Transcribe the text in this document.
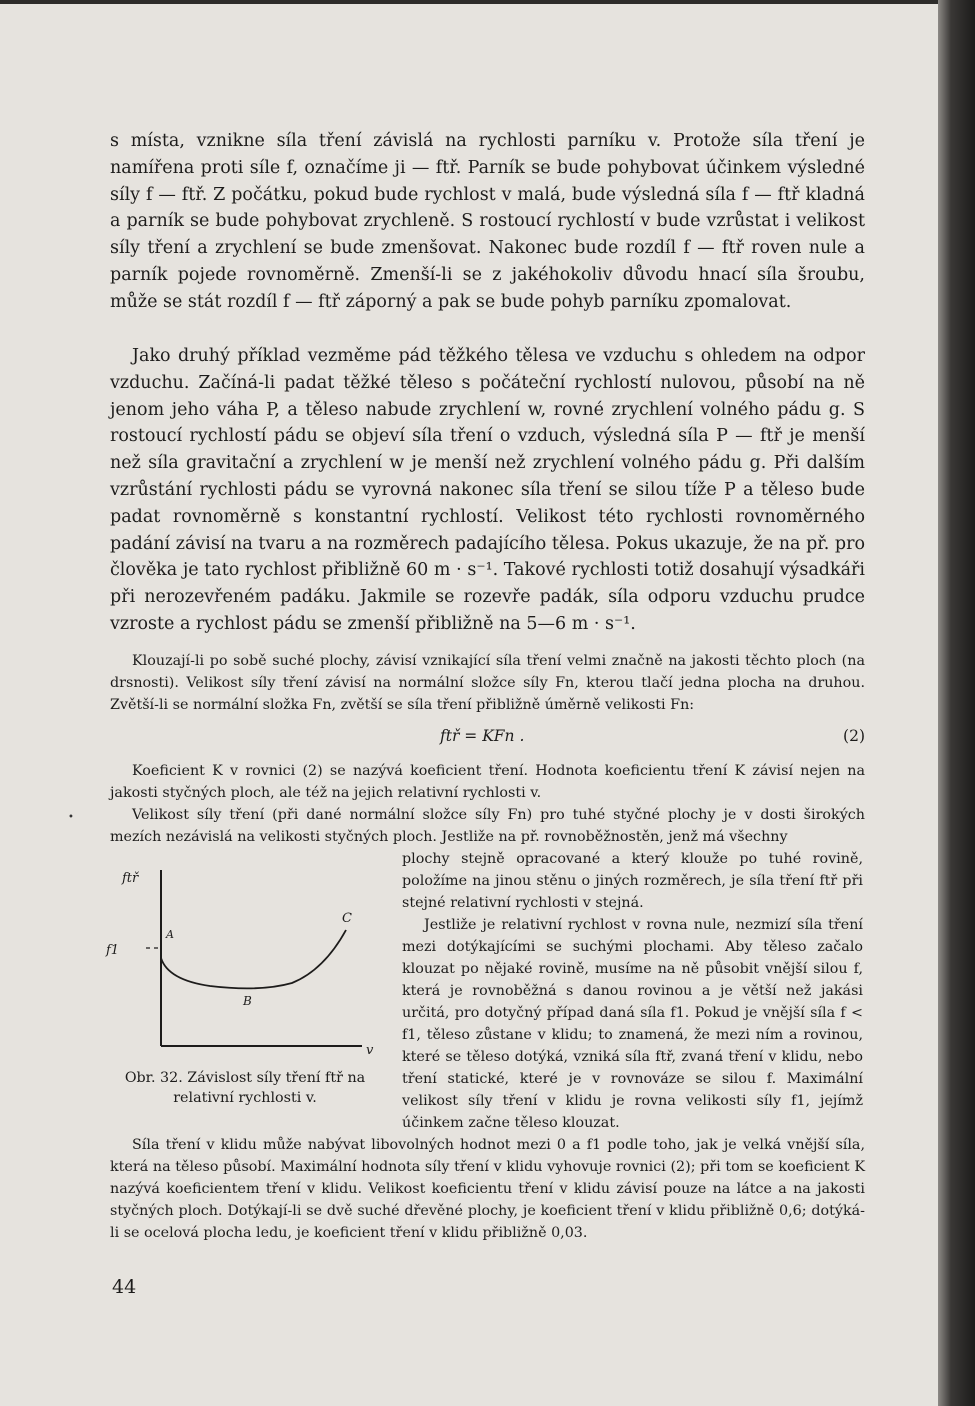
s místa, vznikne síla tření závislá na rychlosti parníku v. Protože síla tření je namířena proti síle f, označíme ji — ftř. Parník se bude pohybovat účinkem výsledné síly f — ftř. Z počátku, pokud bude rychlost v malá, bude výsledná síla f — ftř kladná a parník se bude pohybovat zrychleně. S rostoucí rychlostí v bude vzrůstat i velikost síly tření a zrychlení se bude zmenšovat. Nakonec bude rozdíl f — ftř roven nule a parník pojede rovnoměrně. Zmenší-li se z jakéhokoliv důvodu hnací síla šroubu, může se stát rozdíl f — ftř záporný a pak se bude pohyb parníku zpomalovat.

Jako druhý příklad vezměme pád těžkého tělesa ve vzduchu s ohledem na odpor vzduchu. Začíná-li padat těžké těleso s počáteční rychlostí nulovou, působí na ně jenom jeho váha P, a těleso nabude zrychlení w, rovné zrychlení volného pádu g. S rostoucí rychlostí pádu se objeví síla tření o vzduch, výsledná síla P — ftř je menší než síla gravitační a zrychlení w je menší než zrychlení volného pádu g. Při dalším vzrůstání rychlosti pádu se vyrovná nakonec síla tření se silou tíže P a těleso bude padat rovnoměrně s konstantní rychlostí. Velikost této rychlosti rovnoměrného padání závisí na tvaru a na rozměrech padajícího tělesa. Pokus ukazuje, že na př. pro člověka je tato rychlost přibližně 60 m · s⁻¹. Takové rychlosti totiž dosahují výsadkáři při nerozevřeném padáku. Jakmile se rozevře padák, síla odporu vzduchu prudce vzroste a rychlost pádu se zmenší přibližně na 5—6 m · s⁻¹.

Klouzají-li po sobě suché plochy, závisí vznikající síla tření velmi značně na jakosti těchto ploch (na drsnosti). Velikost síly tření závisí na normální složce síly Fn, kterou tlačí jedna plocha na druhou. Zvětší-li se normální složka Fn, zvětší se síla tření přibližně úměrně velikosti Fn:

ftř = KFn .	(2)

Koeficient K v rovnici (2) se nazývá koeficient tření. Hodnota koeficientu tření K závisí nejen na jakosti styčných ploch, ale též na jejich relativní rychlosti v.

•	Velikost síly tření (při dané normální složce síly Fn) pro tuhé styčné plochy je v dosti širokých mezích nezávislá na velikosti styčných ploch. Jestliže na př. rovnoběžnostěn, jenž má všechny

plochy stejně opracované a který klouže po tuhé rovině, položíme na jinou stěnu o jiných rozměrech, je síla tření ftř při stejné relativní rychlosti v stejná.

Jestliže je relativní rychlost v rovna nule, nezmizí síla tření mezi dotýkajícími se suchými plochami. Aby těleso začalo klouzat po nějaké rovině, musíme na ně působit vnější silou f, která je rovnoběžná s danou rovinou a je větší než jakási určitá, pro dotyčný případ daná síla f1. Pokud je vnější síla f < f1, těleso zůstane v klidu; to znamená, že mezi ním a rovinou, které se těleso dotýká, vzniká síla ftř, zvaná tření v klidu, nebo tření statické, které je v rovnováze se silou f. Maximální velikost síly tření v klidu je rovna velikosti síly f1, jejímž účinkem začne těleso klouzat.

ftř
f1
A
B
C
v

Obr. 32. Závislost síly tření ftř na relativní rychlosti v.

Síla tření v klidu může nabývat libovolných hodnot mezi 0 a f1 podle toho, jak je velká vnější síla, která na těleso působí. Maximální hodnota síly tření v klidu vyhovuje rovnici (2); při tom se koeficient K nazývá koeficientem tření v klidu. Velikost koeficientu tření v klidu závisí pouze na látce a na jakosti styčných ploch. Dotýkají-li se dvě suché dřevěné plochy, je koeficient tření v klidu přibližně 0,6; dotýká-li se ocelová plocha ledu, je koeficient tření v klidu přibližně 0,03.

44
